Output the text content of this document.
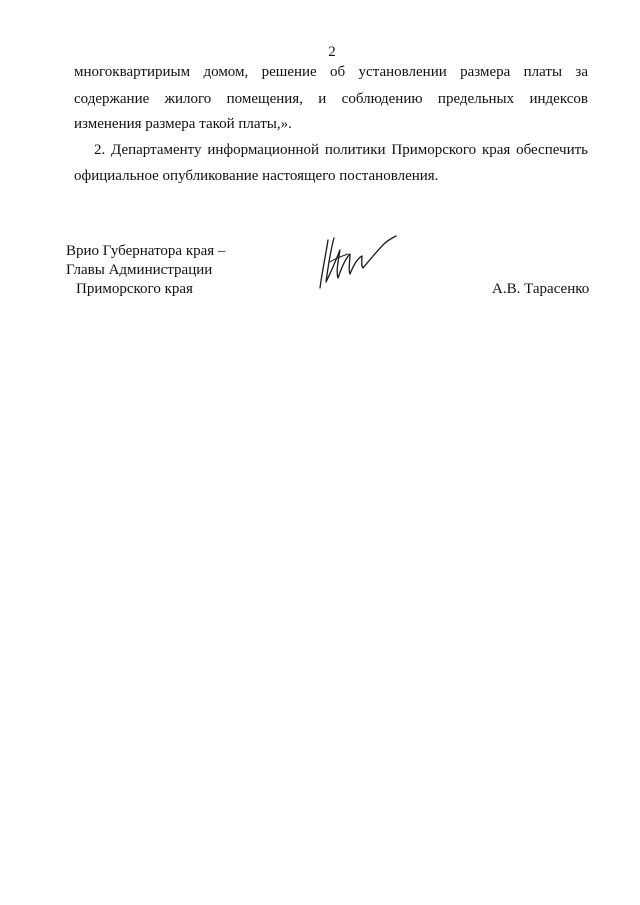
2
многоквартириым домом, решение об установлении размера платы за
содержание жилого помещения, и соблюдению предельных индексов
изменения размера такой платы,».
2. Департаменту информационной политики Приморского края обеспечить
официальное опубликование настоящего постановления.
Врио Губернатора края –
Главы Администрации
Приморского края	А.В. Тарасенко
